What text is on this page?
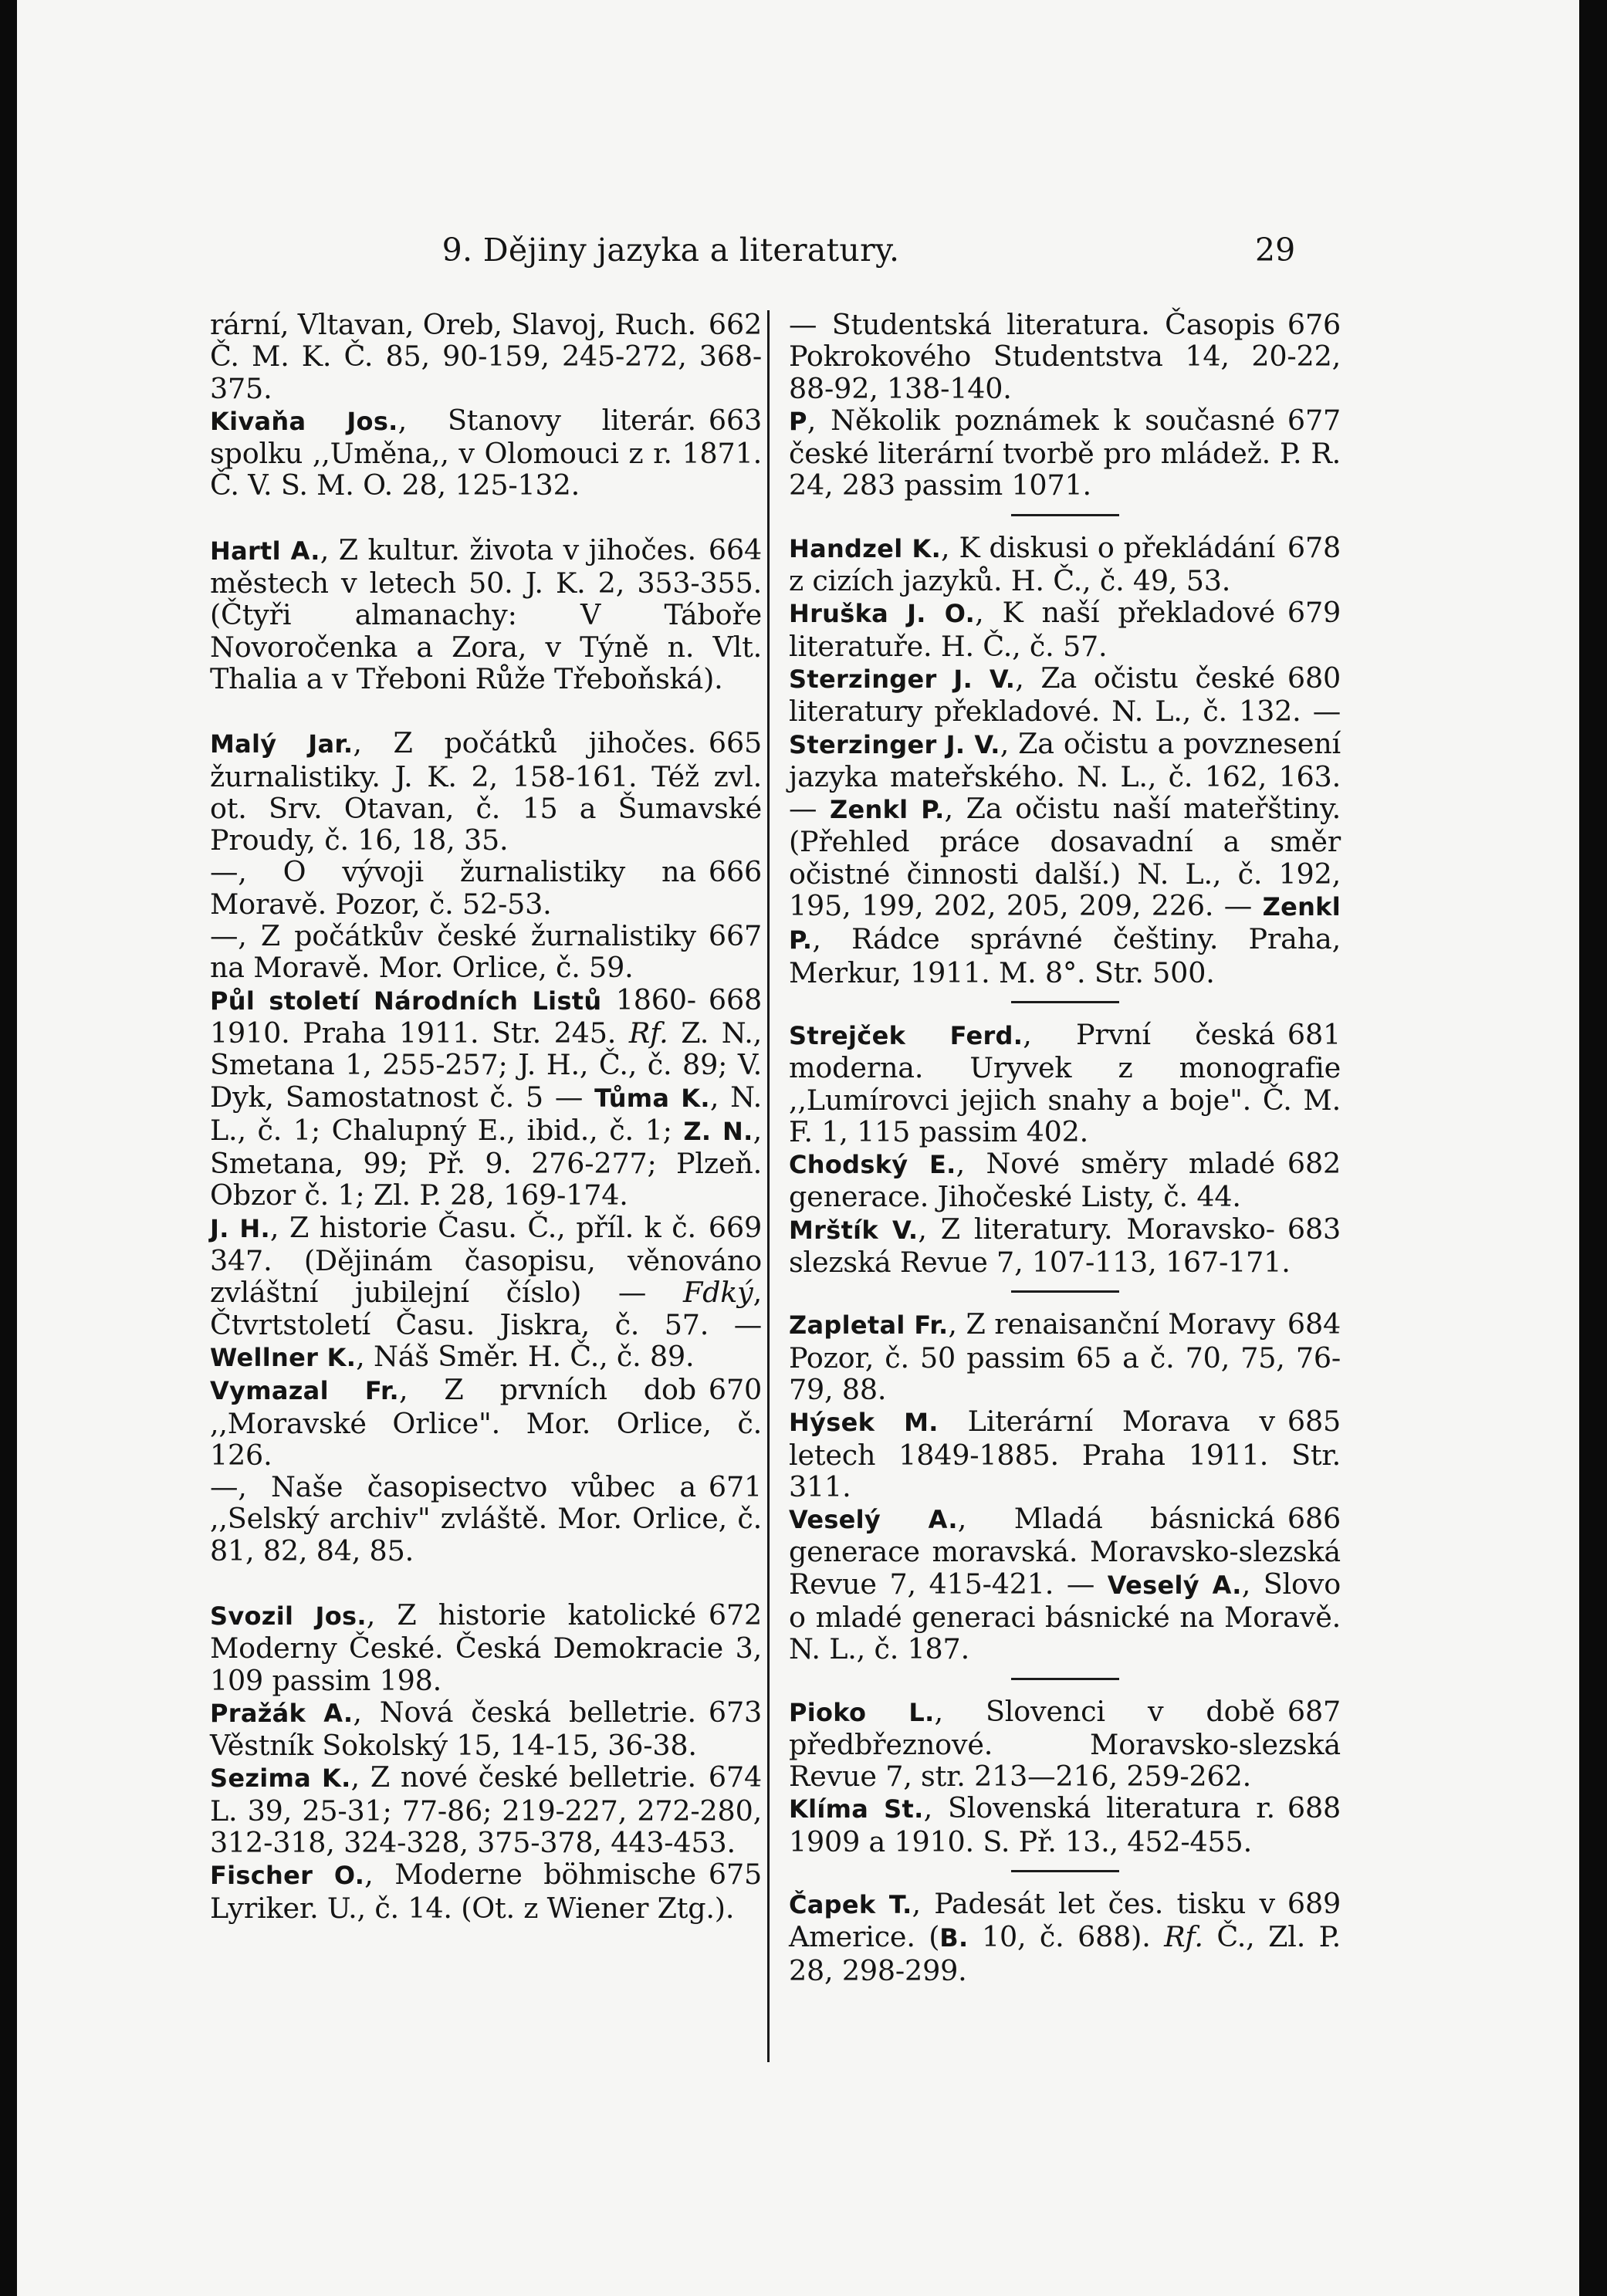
9. Dějiny jazyka a literatury.	29

662
rární, Vltavan, Oreb, Slavoj, Ruch. Č. M. K. Č. 85, 90-159, 245-272, 368-375.

663
Kivaňa Jos., Stanovy literár. spolku ,,Uměna,, v Olomouci z r. 1871. Č. V. S. M. O. 28, 125-132.

664
Hartl A., Z kultur. života v jihočes. městech v letech 50. J. K. 2, 353-355. (Čtyři almanachy: V Táboře Novoročenka a Zora, v Týně n. Vlt. Thalia a v Třeboni Růže Třeboňská).

665
Malý Jar., Z počátků jihočes. žurnalistiky. J. K. 2, 158-161. Též zvl. ot. Srv. Otavan, č. 15 a Šumavské Proudy, č. 16, 18, 35.

666
—, O vývoji žurnalistiky na Moravě. Pozor, č. 52-53.

667
—, Z počátkův české žurnalistiky na Moravě. Mor. Orlice, č. 59.

668
Půl století Národních Listů 1860-1910. Praha 1911. Str. 245. Rf. Z. N., Smetana 1, 255-257; J. H., Č., č. 89; V. Dyk, Samostatnost č. 5 — Tůma K., N. L., č. 1; Chalupný E., ibid., č. 1; Z. N., Smetana, 99; Př. 9. 276-277; Plzeň. Obzor č. 1; Zl. P. 28, 169-174.

669
J. H., Z historie Času. Č., příl. k č. 347. (Dějinám časopisu, věnováno zvláštní jubilejní číslo) — Fdký, Čtvrtstoletí Času. Jiskra, č. 57. — Wellner K., Náš Směr. H. Č., č. 89.

670
Vymazal Fr., Z prvních dob ,,Moravské Orlice". Mor. Orlice, č. 126.

671
—, Naše časopisectvo vůbec a ,,Selský archiv" zvláště. Mor. Orlice, č. 81, 82, 84, 85.

672
Svozil Jos., Z historie katolické Moderny České. Česká Demokracie 3, 109 passim 198.

673
Pražák A., Nová česká belletrie. Věstník Sokolský 15, 14-15, 36-38.

674
Sezima K., Z nové české belletrie. L. 39, 25-31; 77-86; 219-227, 272-280, 312-318, 324-328, 375-378, 443-453.

675
Fischer O., Moderne böhmische Lyriker. U., č. 14. (Ot. z Wiener Ztg.).

676
— Studentská literatura. Časopis Pokrokového Studentstva 14, 20-22, 88-92, 138-140.

677
P, Několik poznámek k současné české literární tvorbě pro mládež. P. R. 24, 283 passim 1071.

678
Handzel K., K diskusi o překládání z cizích jazyků. H. Č., č. 49, 53.

679
Hruška J. O., K naší překladové literatuře. H. Č., č. 57.

680
Sterzinger J. V., Za očistu české literatury překladové. N. L., č. 132. — Sterzinger J. V., Za očistu a povznesení jazyka mateřského. N. L., č. 162, 163. — Zenkl P., Za očistu naší mateřštiny. (Přehled práce dosavadní a směr očistné činnosti další.) N. L., č. 192, 195, 199, 202, 205, 209, 226. — Zenkl P., Rádce správné češtiny. Praha, Merkur, 1911. M. 8°. Str. 500.

681
Strejček Ferd., První česká moderna. Uryvek z monografie ,,Lumírovci jejich snahy a boje". Č. M. F. 1, 115 passim 402.

682
Chodský E., Nové směry mladé generace. Jihočeské Listy, č. 44.

683
Mrštík V., Z literatury. Moravsko-slezská Revue 7, 107-113, 167-171.

684
Zapletal Fr., Z renaisanční Moravy Pozor, č. 50 passim 65 a č. 70, 75, 76-79, 88.

685
Hýsek M. Literární Morava v letech 1849-1885. Praha 1911. Str. 311.

686
Veselý A., Mladá básnická generace moravská. Moravsko-slezská Revue 7, 415-421. — Veselý A., Slovo o mladé generaci básnické na Moravě. N. L., č. 187.

687
Pioko L., Slovenci v době předbřeznové. Moravsko-slezská Revue 7, str. 213—216, 259-262.

688
Klíma St., Slovenská literatura r. 1909 a 1910. S. Př. 13., 452-455.

689
Čapek T., Padesát let čes. tisku v Americe. (B. 10, č. 688). Rf. Č., Zl. P. 28, 298-299.
